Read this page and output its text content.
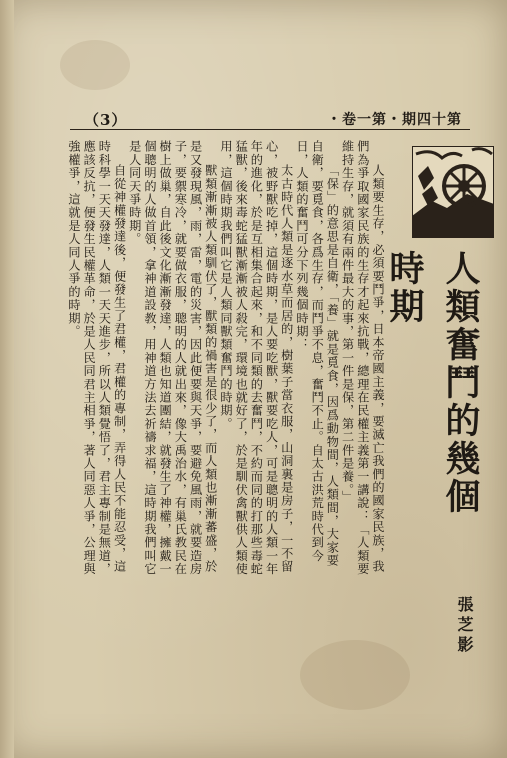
（3）	第十四期・第一卷・
人類奮鬥的幾個時期
張芝影

人類要生存，必須要鬥爭，日本帝國主義，要滅亡我們的國家民族，我們為爭取國家民族的生存才起來抗戰，總理在民權主義第一講說：「人類要維持生存，就須有兩件最大的事，第一件是保，第二件是養。」

「保」的意思是自衛，「養」就是覓食，因爲動物間，人類間，大家要自衛，要覓食，各爲生存，而鬥爭不息，奮鬥不止。自太古洪荒時代到今日，人類的奮鬥可分下列幾個時期：

太古時代人類是逐水草而居的，樹葉子當衣服，山洞裏是房子，一不留心，被野獸吃掉，這個時期，是人要吃獸，獸要吃人，可是聰明的人類一年年的進化，於是互相集合起來，和不同類的去奮鬥，不約而同的打那些毒蛇猛獸，後來毒蛇猛獸漸漸被人殺完，環境也就好了，於是馴伏禽獸供人類使用，這個時期我們叫它是人類同獸類奮鬥的時期。

獸類漸漸被人類馴伏了，獸類的禍害是很少了，而人類也漸漸蕃盛，於是又發現風，雨，雷，電的災害，因此便要與天爭，要避免風雨，就要造房子，要禦寒冷，就要做衣服，聰明的人就出來，像大禹治水，有巢氏教民在樹上做巢，自此後文化漸漸發達，人類也知道團結，就發生了神權，擁戴一個聰明的人做首領，拿神道設教，用神道方法去祈禱求福，這時期我們叫它是人同天爭時期。

自從神權發達後，便發生了君權，君權的專制，弄得人民不能忍受，這時科學一天天發達，人類一天天進步，所以人類覺悟了，君主專制是無道，應該反抗，便發生民權革命，於是人民同君主相爭，著人同惡人爭，公理與強權爭，這就是人同人爭的時期。
